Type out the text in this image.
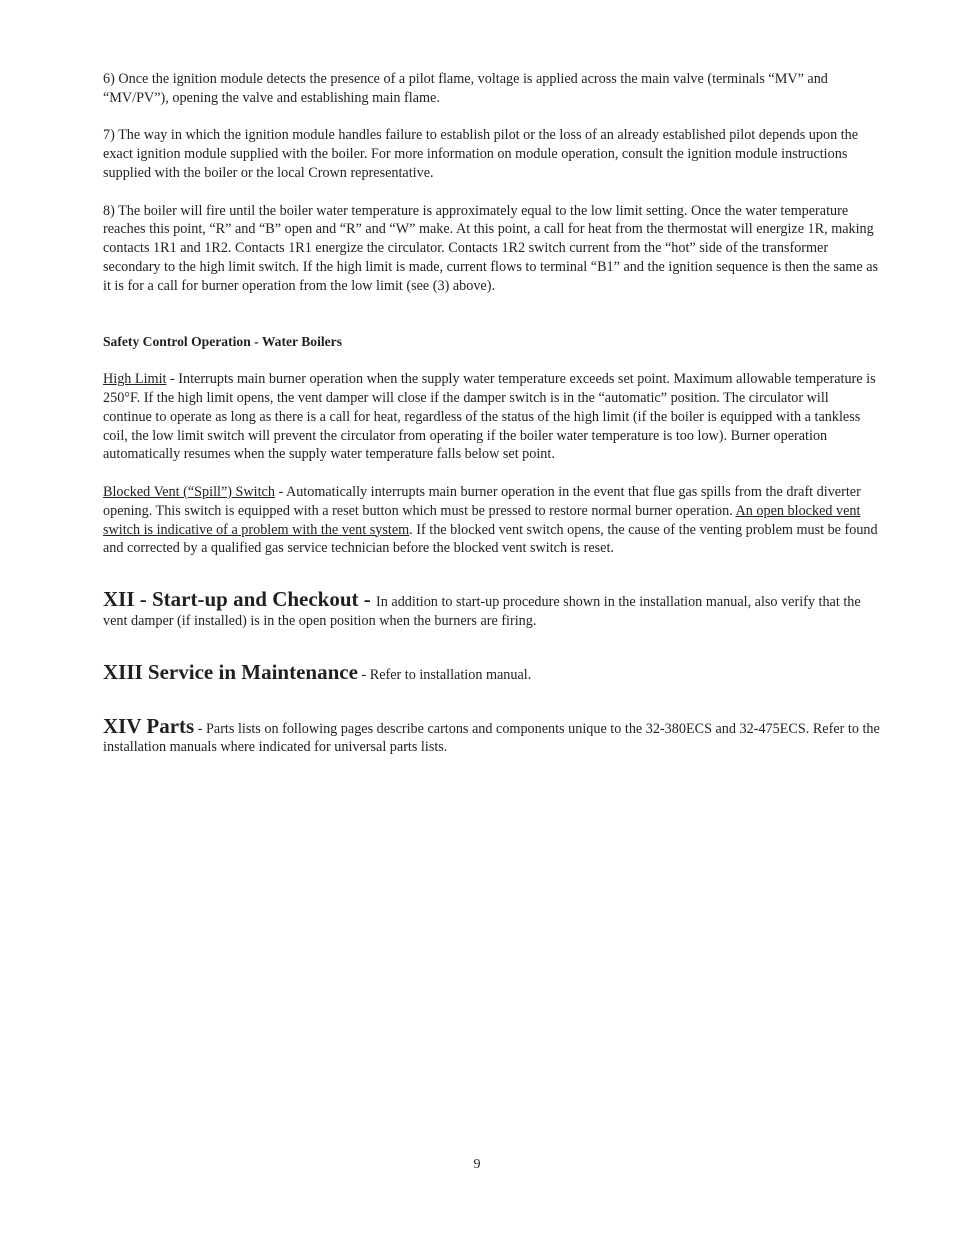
6) Once the ignition module detects the presence of a pilot flame, voltage is applied across the main valve (terminals “MV” and “MV/PV”), opening the valve and establishing main flame.

7) The way in which the ignition module handles failure to establish pilot or the loss of an already established pilot depends upon the exact ignition module supplied with the boiler. For more information on module operation, consult the ignition module instructions supplied with the boiler or the local Crown representative.

8) The boiler will fire until the boiler water temperature is approximately equal to the low limit setting. Once the water temperature reaches this point, “R” and “B” open and “R” and “W” make. At this point, a call for heat from the thermostat will energize 1R, making contacts 1R1 and 1R2. Contacts 1R1 energize the circulator. Contacts 1R2 switch current from the “hot” side of the transformer secondary to the high limit switch. If the high limit is made, current flows to terminal “B1” and the ignition sequence is then the same as it is for a call for burner operation from the low limit (see (3) above).

Safety Control Operation - Water Boilers

High Limit - Interrupts main burner operation when the supply water temperature exceeds set point. Maximum allowable temperature is 250°F. If the high limit opens, the vent damper will close if the damper switch is in the “automatic” position. The circulator will continue to operate as long as there is a call for heat, regardless of the status of the high limit (if the boiler is equipped with a tankless coil, the low limit switch will prevent the circulator from operating if the boiler water temperature is too low). Burner operation automatically resumes when the supply water temperature falls below set point.

Blocked Vent (“Spill”) Switch - Automatically interrupts main burner operation in the event that flue gas spills from the draft diverter opening. This switch is equipped with a reset button which must be pressed to restore normal burner operation. An open blocked vent switch is indicative of a problem with the vent system. If the blocked vent switch opens, the cause of the venting problem must be found and corrected by a qualified gas service technician before the blocked vent switch is reset.

XII - Start-up and Checkout - In addition to start-up procedure shown in the installation manual, also verify that the vent damper (if installed) is in the open position when the burners are firing.

XIII Service in Maintenance - Refer to installation manual.

XIV Parts - Parts lists on following pages describe cartons and components unique to the 32-380ECS and 32-475ECS. Refer to the installation manuals where indicated for universal parts lists.

9
